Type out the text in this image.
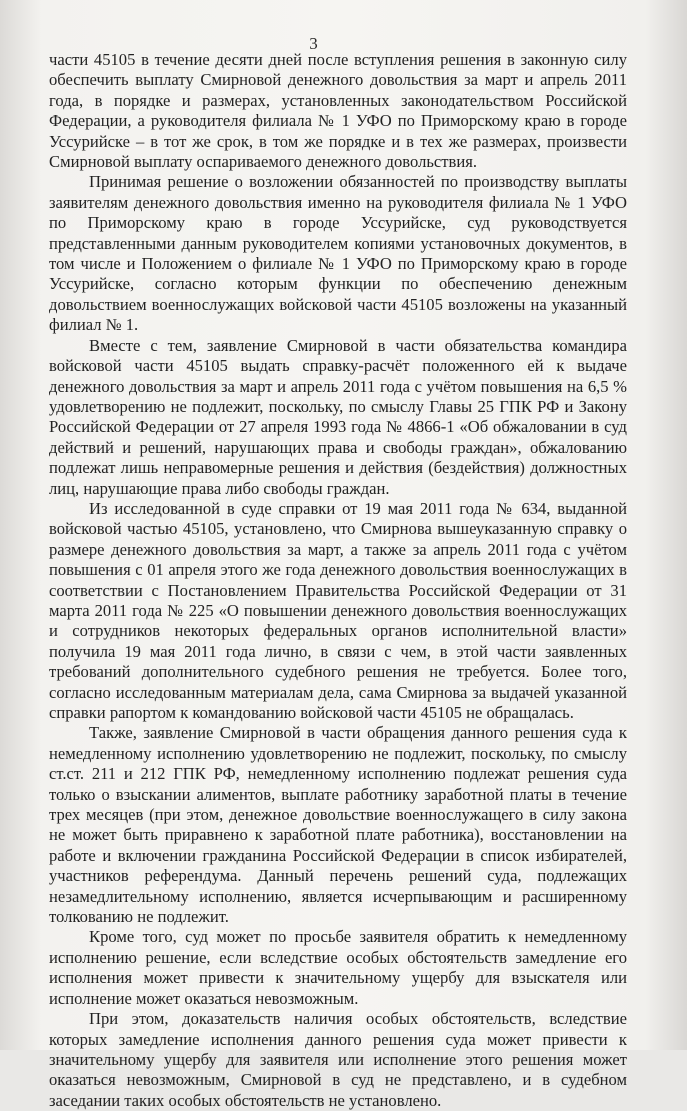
3

части 45105 в течение десяти дней после вступления решения в законную силу обеспечить выплату Смирновой денежного довольствия за март и апрель 2011 года, в порядке и размерах, установленных законодательством Российской Федерации, а руководителя филиала № 1 УФО по Приморскому краю в городе Уссурийске – в тот же срок, в том же порядке и в тех же размерах, произвести Смирновой выплату оспариваемого денежного довольствия.

Принимая решение о возложении обязанностей по производству выплаты заявителям денежного довольствия именно на руководителя филиала № 1 УФО по Приморскому краю в городе Уссурийске, суд руководствуется представленными данным руководителем копиями установочных документов, в том числе и Положением о филиале № 1 УФО по Приморскому краю в городе Уссурийске, согласно которым функции по обеспечению денежным довольствием военнослужащих войсковой части 45105 возложены на указанный филиал № 1.

Вместе с тем, заявление Смирновой в части обязательства командира войсковой части 45105 выдать справку-расчёт положенного ей к выдаче денежного довольствия за март и апрель 2011 года с учётом повышения на 6,5 % удовлетворению не подлежит, поскольку, по смыслу Главы 25 ГПК РФ и Закону Российской Федерации от 27 апреля 1993 года № 4866-1 «Об обжаловании в суд действий и решений, нарушающих права и свободы граждан», обжалованию подлежат лишь неправомерные решения и действия (бездействия) должностных лиц, нарушающие права либо свободы граждан.

Из исследованной в суде справки от 19 мая 2011 года № 634, выданной войсковой частью 45105, установлено, что Смирнова вышеуказанную справку о размере денежного довольствия за март, а также за апрель 2011 года с учётом повышения с 01 апреля этого же года денежного довольствия военнослужащих в соответствии с Постановлением Правительства Российской Федерации от 31 марта 2011 года № 225 «О повышении денежного довольствия военнослужащих и сотрудников некоторых федеральных органов исполнительной власти» получила 19 мая 2011 года лично, в связи с чем, в этой части заявленных требований дополнительного судебного решения не требуется. Более того, согласно исследованным материалам дела, сама Смирнова за выдачей указанной справки рапортом к командованию войсковой части 45105 не обращалась.

Также, заявление Смирновой в части обращения данного решения суда к немедленному исполнению удовлетворению не подлежит, поскольку, по смыслу ст.ст. 211 и 212 ГПК РФ, немедленному исполнению подлежат решения суда только о взыскании алиментов, выплате работнику заработной платы в течение трех месяцев (при этом, денежное довольствие военнослужащего в силу закона не может быть приравнено к заработной плате работника), восстановлении на работе и включении гражданина Российской Федерации в список избирателей, участников референдума. Данный перечень решений суда, подлежащих незамедлительному исполнению, является исчерпывающим и расширенному толкованию не подлежит.

Кроме того, суд может по просьбе заявителя обратить к немедленному исполнению решение, если вследствие особых обстоятельств замедление его исполнения может привести к значительному ущербу для взыскателя или исполнение может оказаться невозможным.

При этом, доказательств наличия особых обстоятельств, вследствие которых замедление исполнения данного решения суда может привести к значительному ущербу для заявителя или исполнение этого решения может оказаться невозможным, Смирновой в суд не представлено, и в судебном заседании таких особых обстоятельств не установлено.
